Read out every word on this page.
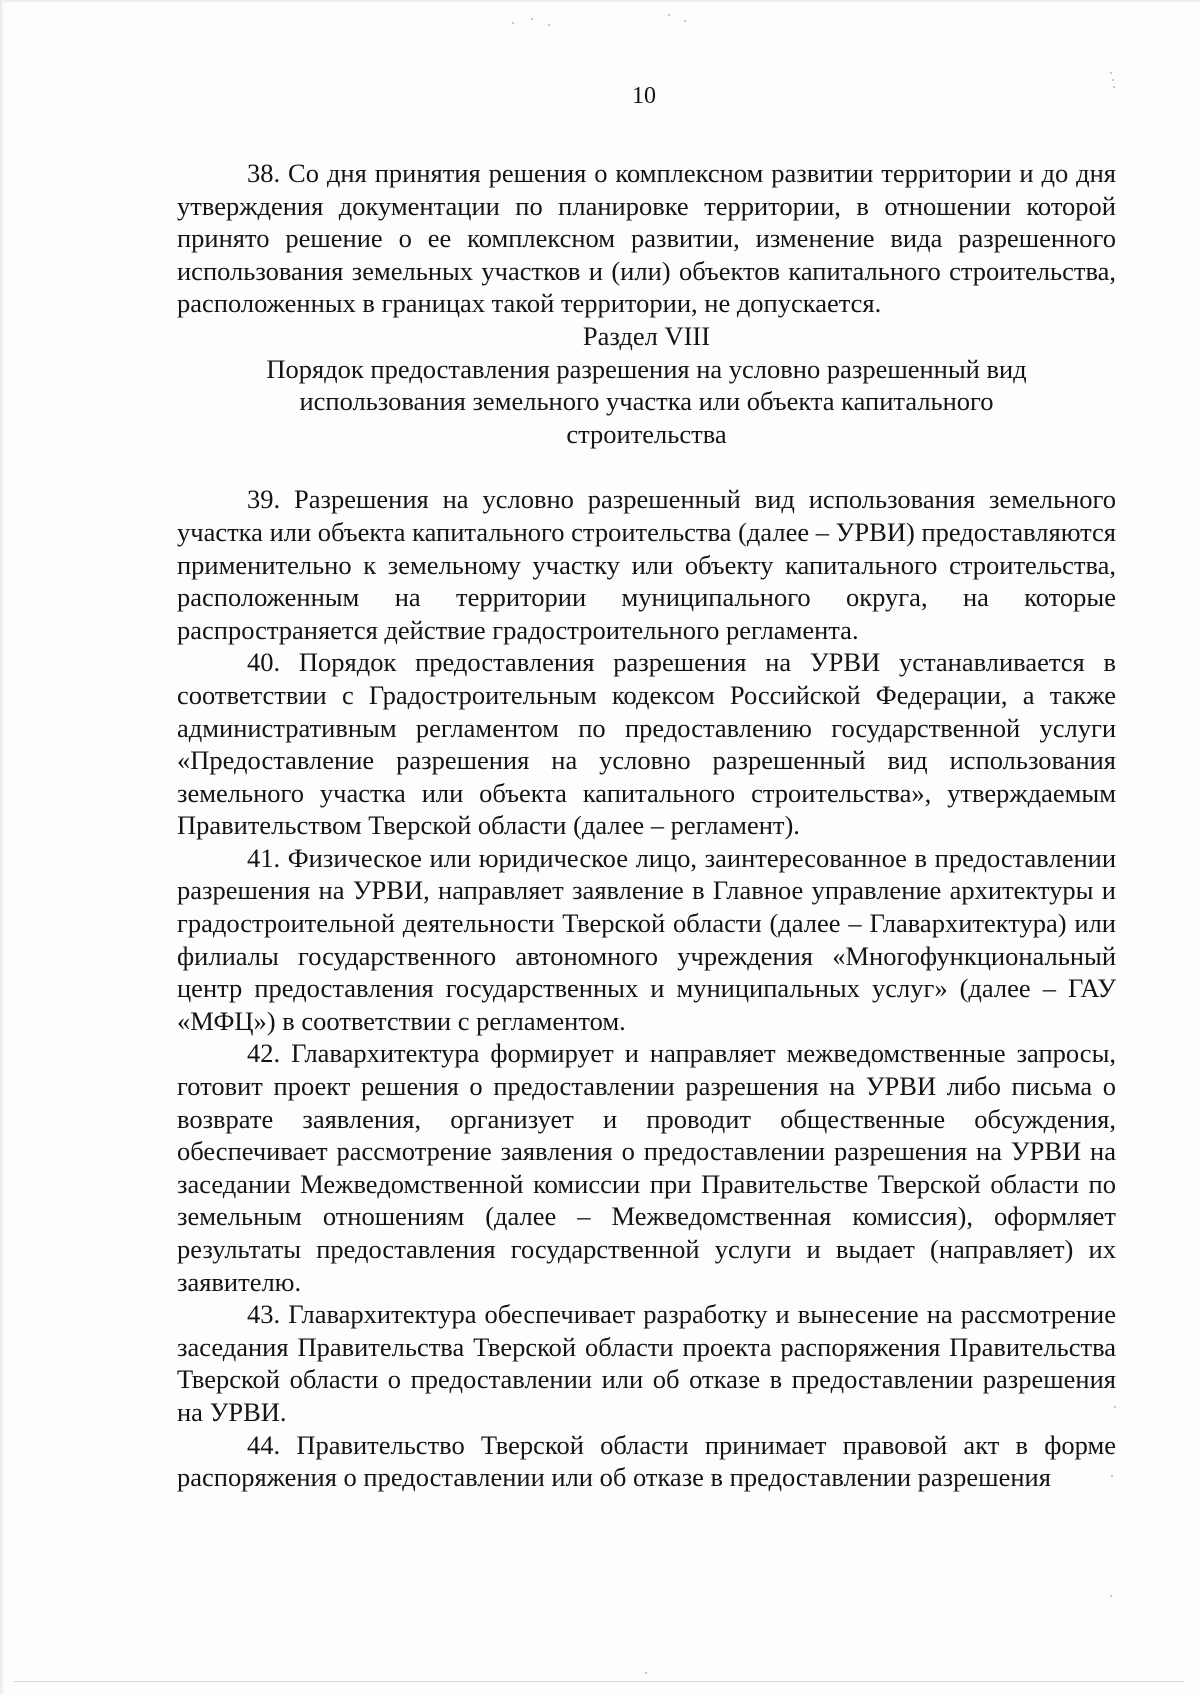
10

38. Со дня принятия решения о комплексном развитии территории и до дня утверждения документации по планировке территории, в отношении которой принято решение о ее комплексном развитии, изменение вида разрешенного использования земельных участков и (или) объектов капитального строительства, расположенных в границах такой территории, не допускается.

Раздел VIII

Порядок предоставления разрешения на условно разрешенный вид использования земельного участка или объекта капитального строительства

39. Разрешения на условно разрешенный вид использования земельного участка или объекта капитального строительства (далее – УРВИ) предоставляются применительно к земельному участку или объекту капитального строительства, расположенным на территории муниципального округа, на которые распространяется действие градостроительного регламента.

40. Порядок предоставления разрешения на УРВИ устанавливается в соответствии с Градостроительным кодексом Российской Федерации, а также административным регламентом по предоставлению государственной услуги «Предоставление разрешения на условно разрешенный вид использования земельного участка или объекта капитального строительства», утверждаемым Правительством Тверской области (далее – регламент).

41. Физическое или юридическое лицо, заинтересованное в предоставлении разрешения на УРВИ, направляет заявление в Главное управление архитектуры и градостроительной деятельности Тверской области (далее – Главархитектура) или филиалы государственного автономного учреждения «Многофункциональный центр предоставления государственных и муниципальных услуг» (далее – ГАУ «МФЦ») в соответствии с регламентом.

42. Главархитектура формирует и направляет межведомственные запросы, готовит проект решения о предоставлении разрешения на УРВИ либо письма о возврате заявления, организует и проводит общественные обсуждения, обеспечивает рассмотрение заявления о предоставлении разрешения на УРВИ на заседании Межведомственной комиссии при Правительстве Тверской области по земельным отношениям (далее – Межведомственная комиссия), оформляет результаты предоставления государственной услуги и выдает (направляет) их заявителю.

43. Главархитектура обеспечивает разработку и вынесение на рассмотрение заседания Правительства Тверской области проекта распоряжения Правительства Тверской области о предоставлении или об отказе в предоставлении разрешения на УРВИ.

44. Правительство Тверской области принимает правовой акт в форме распоряжения о предоставлении или об отказе в предоставлении разрешения
